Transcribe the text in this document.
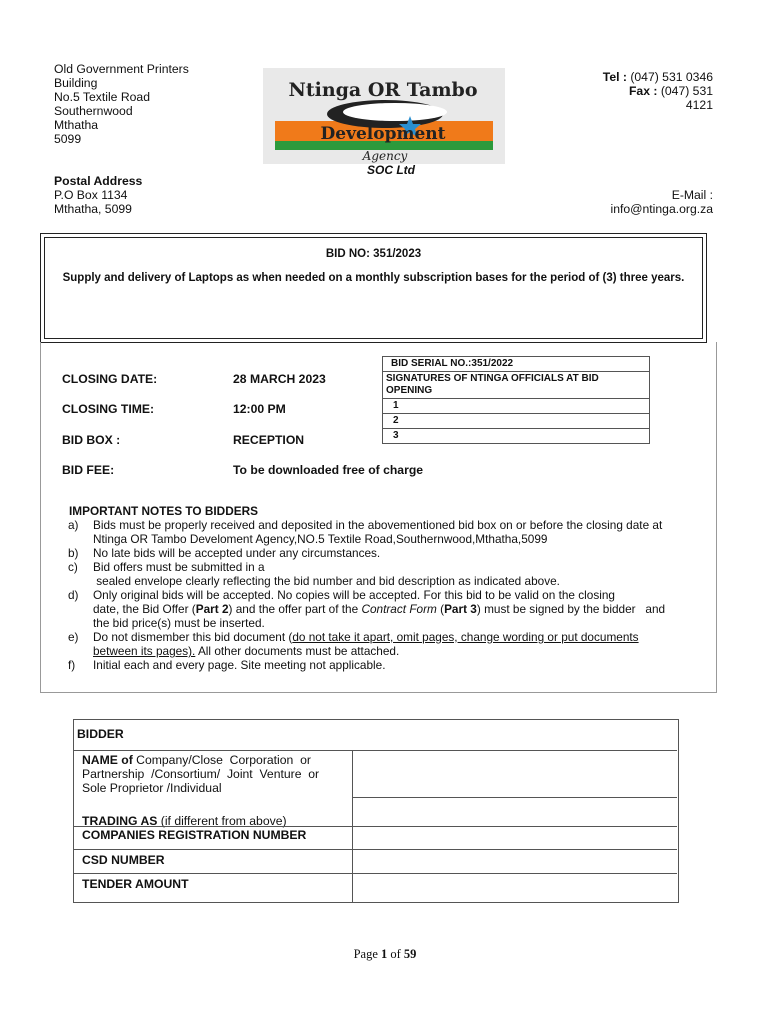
Old Government Printers
Building
No.5 Textile Road
Southernwood
Mthatha
5099
Ntinga OR Tambo
Development
Agency
SOC Ltd
Tel : (047) 531 0346
Fax : (047) 531
4121
Postal Address
P.O Box 1134
Mthatha, 5099
E-Mail :
info@ntinga.org.za
BID NO: 351/2023
Supply and delivery of Laptops as when needed on a monthly subscription bases for the period of (3) three years.
CLOSING DATE:	28 MARCH 2023
CLOSING TIME:	12:00 PM
BID BOX :	RECEPTION
BID FEE:	To be downloaded free of charge
BID SERIAL NO.:351/2022
SIGNATURES OF NTINGA OFFICIALS AT BID OPENING
1
2
3
IMPORTANT NOTES TO BIDDERS
a) Bids must be properly received and deposited in the abovementioned bid box on or before the closing date at
Ntinga OR Tambo Develoment Agency,NO.5 Textile Road,Southernwood,Mthatha,5099
b) No late bids will be accepted under any circumstances.
c) Bid offers must be submitted in a
sealed envelope clearly reflecting the bid number and bid description as indicated above.
d) Only original bids will be accepted. No copies will be accepted. For this bid to be valid on the closing
date, the Bid Offer (Part 2) and the offer part of the Contract Form (Part 3) must be signed by the bidder   and
the bid price(s) must be inserted.
e) Do not dismember this bid document (do not take it apart, omit pages, change wording or put documents
between its pages). All other documents must be attached.
f) Initial each and every page. Site meeting not applicable.
BIDDER
NAME of Company/Close  Corporation  or
Partnership  /Consortium/  Joint  Venture  or
Sole Proprietor /Individual
TRADING AS (if different from above)
COMPANIES REGISTRATION NUMBER
CSD NUMBER
TENDER AMOUNT
Page 1 of 59
